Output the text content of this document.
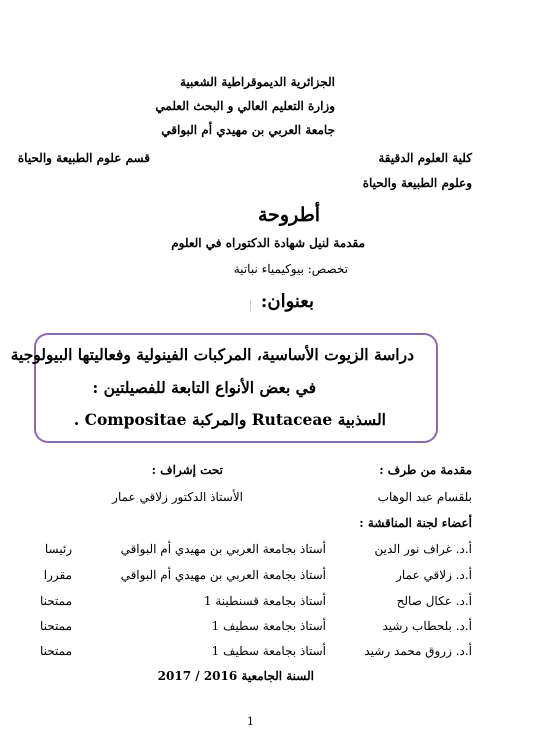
الجزائرية الديموقراطية الشعبية
وزارة التعليم العالي و البحث العلمي
جامعة العربي بن مهيدي أم البواقي
كلية العلوم الدقيقة
وعلوم الطبيعة والحياة
قسم علوم الطبيعة والحياة
أطروحة
مقدمة لنيل شهادة الدكتوراه في العلوم
تخصص: بيوكيمياء نباتية
بعنوان:
دراسة الزيوت الأساسية، المركبات الفينولية وفعاليتها البيولوجية
في بعض الأنواع التابعة للفصيلتين :
السذبية Rutaceae والمركبة Compositae .
مقدمة من طرف :
تحت إشراف :
بلقسام عبد الوهاب
الأستاذ الدكتور زلاقي عمار
أعضاء لجنة المناقشة :
أ.د. غراف نور الدين
أستاذ بجامعة العربي بن مهيدي أم البواقي
رئيسا
أ.د. زلاقي عمار
أستاذ بجامعة العربي بن مهيدي أم البواقي
مقررا
أ.د. عكال صالح
أستاذ بجامعة قسنطينة 1
ممتحنا
أ.د. بلحطاب رشيد
أستاذ بجامعة سطيف 1
ممتحنا
أ.د. زروق محمد رشيد
أستاذ بجامعة سطيف 1
ممتحنا
السنة الجامعية 2016 / 2017
1
